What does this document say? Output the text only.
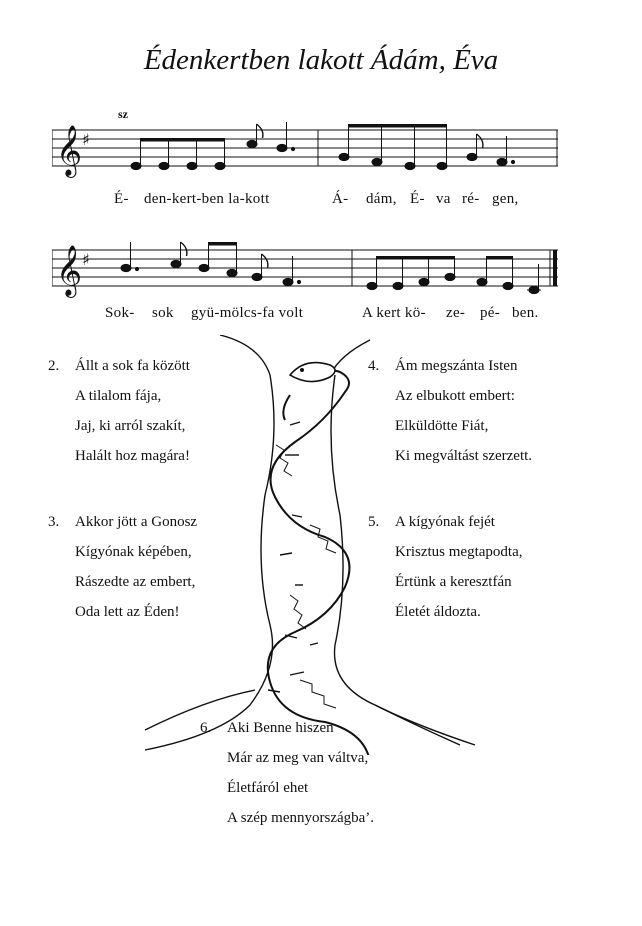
Édenkertben lakott Ádám, Éva
sz
𝄞 ♯
É- den-kert-ben la-kott	Á- dám, É- va ré- gen,
𝄞 ♯
Sok- sok gyü-mölcs-fa volt	A kert kö- ze- pé- ben.
2.	Állt a sok fa között
A tilalom fája,
Jaj, ki arról szakít,
Halált hoz magára!
3.	Akkor jött a Gonosz
Kígyónak képében,
Rászedte az embert,
Oda lett az Éden!
4.	Ám megszánta Isten
Az elbukott embert:
Elküldötte Fiát,
Ki megváltást szerzett.
5.	A kígyónak fejét
Krisztus megtapodta,
Értünk a keresztfán
Életét áldozta.
6.	Aki Benne hiszen
Már az meg van váltva,
Életfáról ehet
A szép mennyországba’.
